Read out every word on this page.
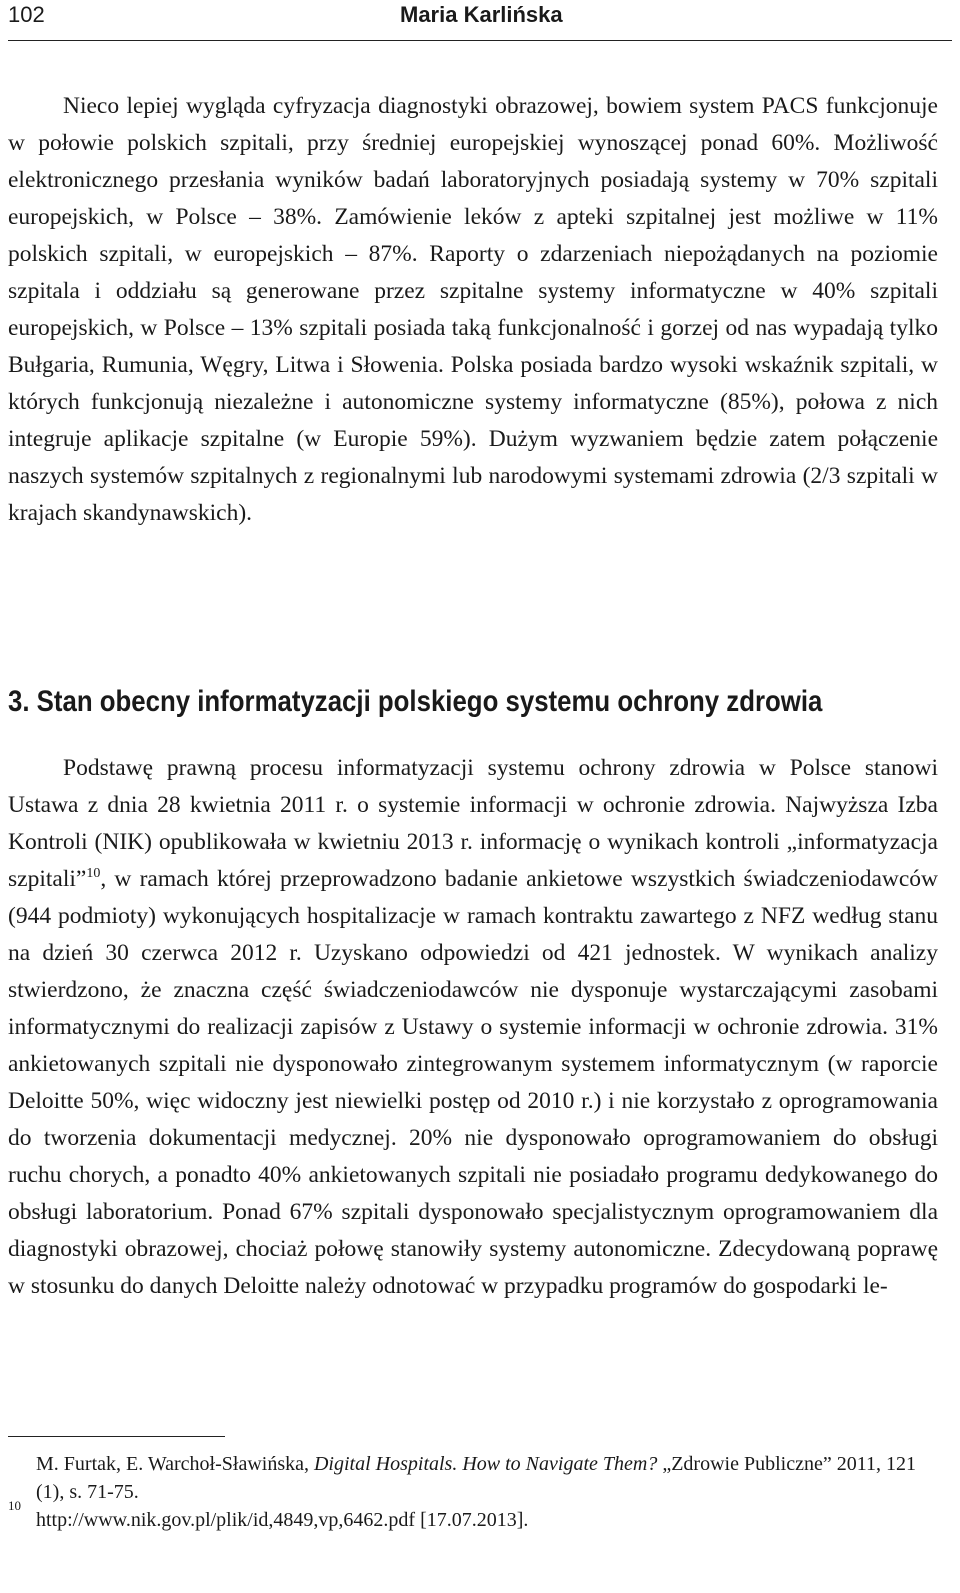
102	Maria Karlińska

Nieco lepiej wygląda cyfryzacja diagnostyki obrazowej, bowiem system PACS funkcjonuje w połowie polskich szpitali, przy średniej europejskiej wynoszącej ponad 60%. Możliwość elektronicznego przesłania wyników badań laboratoryjnych posiadają systemy w 70% szpitali europejskich, w Polsce – 38%. Zamówienie leków z apteki szpitalnej jest możliwe w 11% polskich szpitali, w europejskich – 87%. Raporty o zdarzeniach niepożądanych na poziomie szpitala i oddziału są generowane przez szpitalne systemy informatyczne w 40% szpitali europejskich, w Polsce – 13% szpitali posiada taką funkcjonalność i gorzej od nas wypadają tylko Bułgaria, Rumunia, Węgry, Litwa i Słowenia. Polska posiada bardzo wysoki wskaźnik szpitali, w których funkcjonują niezależne i autonomiczne systemy informatyczne (85%), połowa z nich integruje aplikacje szpitalne (w Europie 59%). Dużym wyzwaniem będzie zatem połączenie naszych systemów szpitalnych z regionalnymi lub narodowymi systemami zdrowia (2/3 szpitali w krajach skandynawskich).

3. Stan obecny informatyzacji polskiego systemu ochrony zdrowia

Podstawę prawną procesu informatyzacji systemu ochrony zdrowia w Polsce stanowi Ustawa z dnia 28 kwietnia 2011 r. o systemie informacji w ochronie zdrowia. Najwyższa Izba Kontroli (NIK) opublikowała w kwietniu 2013 r. informację o wynikach kontroli „informatyzacja szpitali”$^{10}$, w ramach której przeprowadzono badanie ankietowe wszystkich świadczeniodawców (944 podmioty) wykonujących hospitalizacje w ramach kontraktu zawartego z NFZ według stanu na dzień 30 czerwca 2012 r. Uzyskano odpowiedzi od 421 jednostek. W wynikach analizy stwierdzono, że znaczna część świadczeniodawców nie dysponuje wystarczającymi zasobami informatycznymi do realizacji zapisów z Ustawy o systemie informacji w ochronie zdrowia. 31% ankietowanych szpitali nie dysponowało zintegrowanym systemem informatycznym (w raporcie Deloitte 50%, więc widoczny jest niewielki postęp od 2010 r.) i nie korzystało z oprogramowania do tworzenia dokumentacji medycznej. 20% nie dysponowało oprogramowaniem do obsługi ruchu chorych, a ponadto 40% ankietowanych szpitali nie posiadało programu dedykowanego do obsługi laboratorium. Ponad 67% szpitali dysponowało specjalistycznym oprogramowaniem dla diagnostyki obrazowej, chociaż połowę stanowiły systemy autonomiczne. Zdecydowaną poprawę w stosunku do danych Deloitte należy odnotować w przypadku programów do gospodarki le-

10
M. Furtak, E. Warchoł-Sławińska, Digital Hospitals. How to Navigate Them? „Zdrowie Publiczne” 2011, 121 (1), s. 71-75.
http://www.nik.gov.pl/plik/id,4849,vp,6462.pdf [17.07.2013].
